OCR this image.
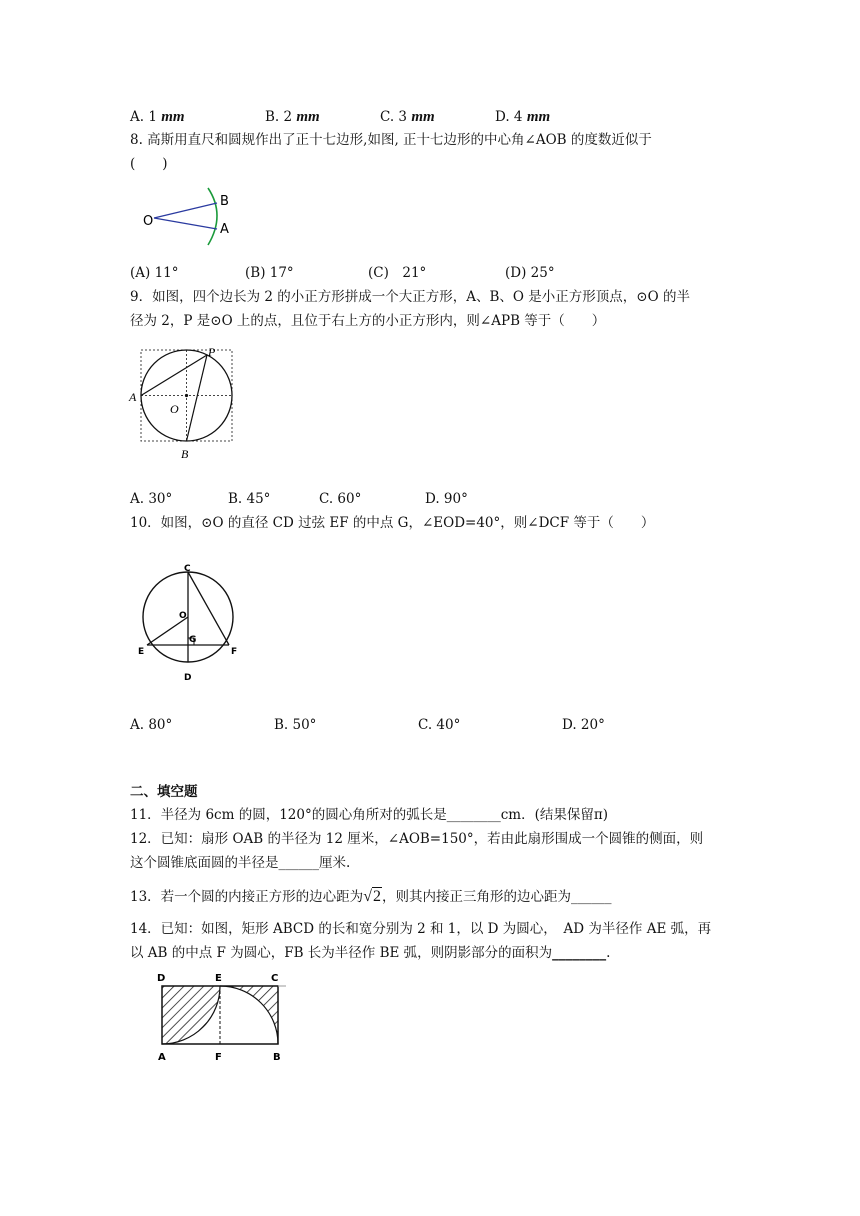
A. 1 mm	B. 2 mm	C. 3 mm	D. 4 mm
8. 高斯用直尺和圆规作出了正十七边形,如图, 正十七边形的中心角∠AOB 的度数近似于
(　　)
O
B
A
(A) 11°	(B) 17°	(C)　21°	(D) 25°
9．如图，四个边长为 2 的小正方形拼成一个大正方形，A、B、O 是小正方形顶点，⊙O 的半
径为 2，P 是⊙O 上的点，且位于右上方的小正方形内，则∠APB 等于（　　）
P
A
O
B
A. 30°	B. 45°	C. 60°	D. 90°
10．如图，⊙O 的直径 CD 过弦 EF 的中点 G，∠EOD=40°，则∠DCF 等于（　　）
C
O
G
E	F
D
A. 80°	B. 50°	C. 40°	D. 20°
二、填空题
11．半径为 6cm 的圆，120°的圆心角所对的弧长是________cm．(结果保留π)
12．已知：扇形 OAB 的半径为 12 厘米，∠AOB=150°，若由此扇形围成一个圆锥的侧面，则
这个圆锥底面圆的半径是______厘米.
13．若一个圆的内接正方形的边心距为√2，则其内接正三角形的边心距为______
14．已知：如图，矩形 ABCD 的长和宽分别为 2 和 1，以 D 为圆心，　AD 为半径作 AE 弧，再
以 AB 的中点 F 为圆心，FB 长为半径作 BE 弧，则阴影部分的面积为________.
D	E	C
A	F	B
